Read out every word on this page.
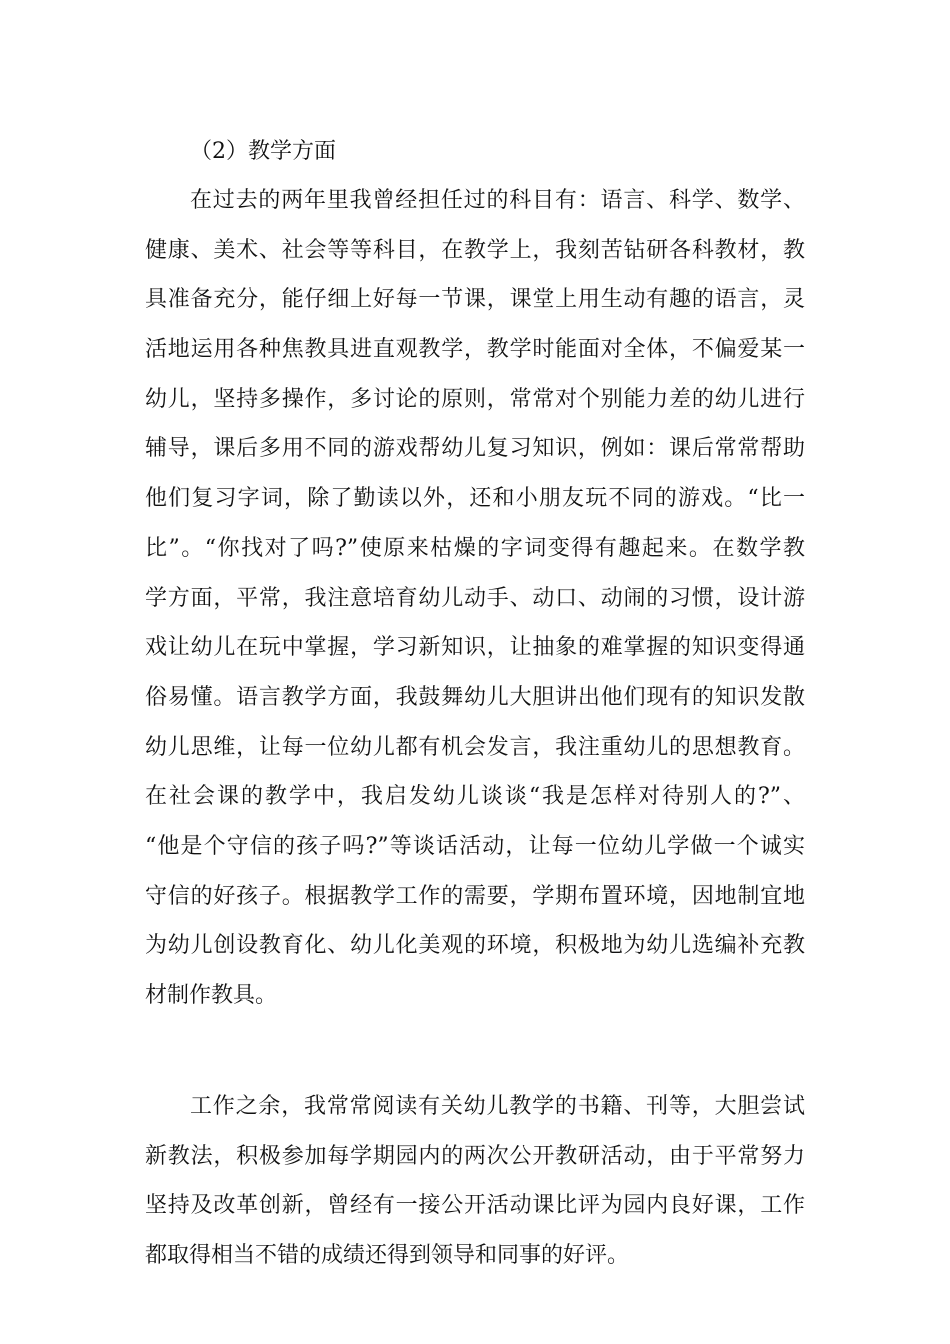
（2）教学方面
在过去的两年里我曾经担任过的科目有：语言、科学、数学、
健康、美术、社会等等科目，在教学上，我刻苦钻研各科教材，教
具准备充分，能仔细上好每一节课，课堂上用生动有趣的语言，灵
活地运用各种焦教具进直观教学，教学时能面对全体，不偏爱某一
幼儿，坚持多操作，多讨论的原则，常常对个别能力差的幼儿进行
辅导，课后多用不同的游戏帮幼儿复习知识，例如：课后常常帮助
他们复习字词，除了勤读以外，还和小朋友玩不同的游戏。“比一
比”。“你找对了吗?”使原来枯燥的字词变得有趣起来。在数学教
学方面，平常，我注意培育幼儿动手、动口、动闹的习惯，设计游
戏让幼儿在玩中掌握，学习新知识，让抽象的难掌握的知识变得通
俗易懂。语言教学方面，我鼓舞幼儿大胆讲出他们现有的知识发散
幼儿思维，让每一位幼儿都有机会发言，我注重幼儿的思想教育。
在社会课的教学中，我启发幼儿谈谈“我是怎样对待别人的?”、
“他是个守信的孩子吗?”等谈话活动，让每一位幼儿学做一个诚实
守信的好孩子。根据教学工作的需要，学期布置环境，因地制宜地
为幼儿创设教育化、幼儿化美观的环境，积极地为幼儿选编补充教
材制作教具。
工作之余，我常常阅读有关幼儿教学的书籍、刊等，大胆尝试
新教法，积极参加每学期园内的两次公开教研活动，由于平常努力
坚持及改革创新，曾经有一接公开活动课比评为园内良好课，工作
都取得相当不错的成绩还得到领导和同事的好评。
